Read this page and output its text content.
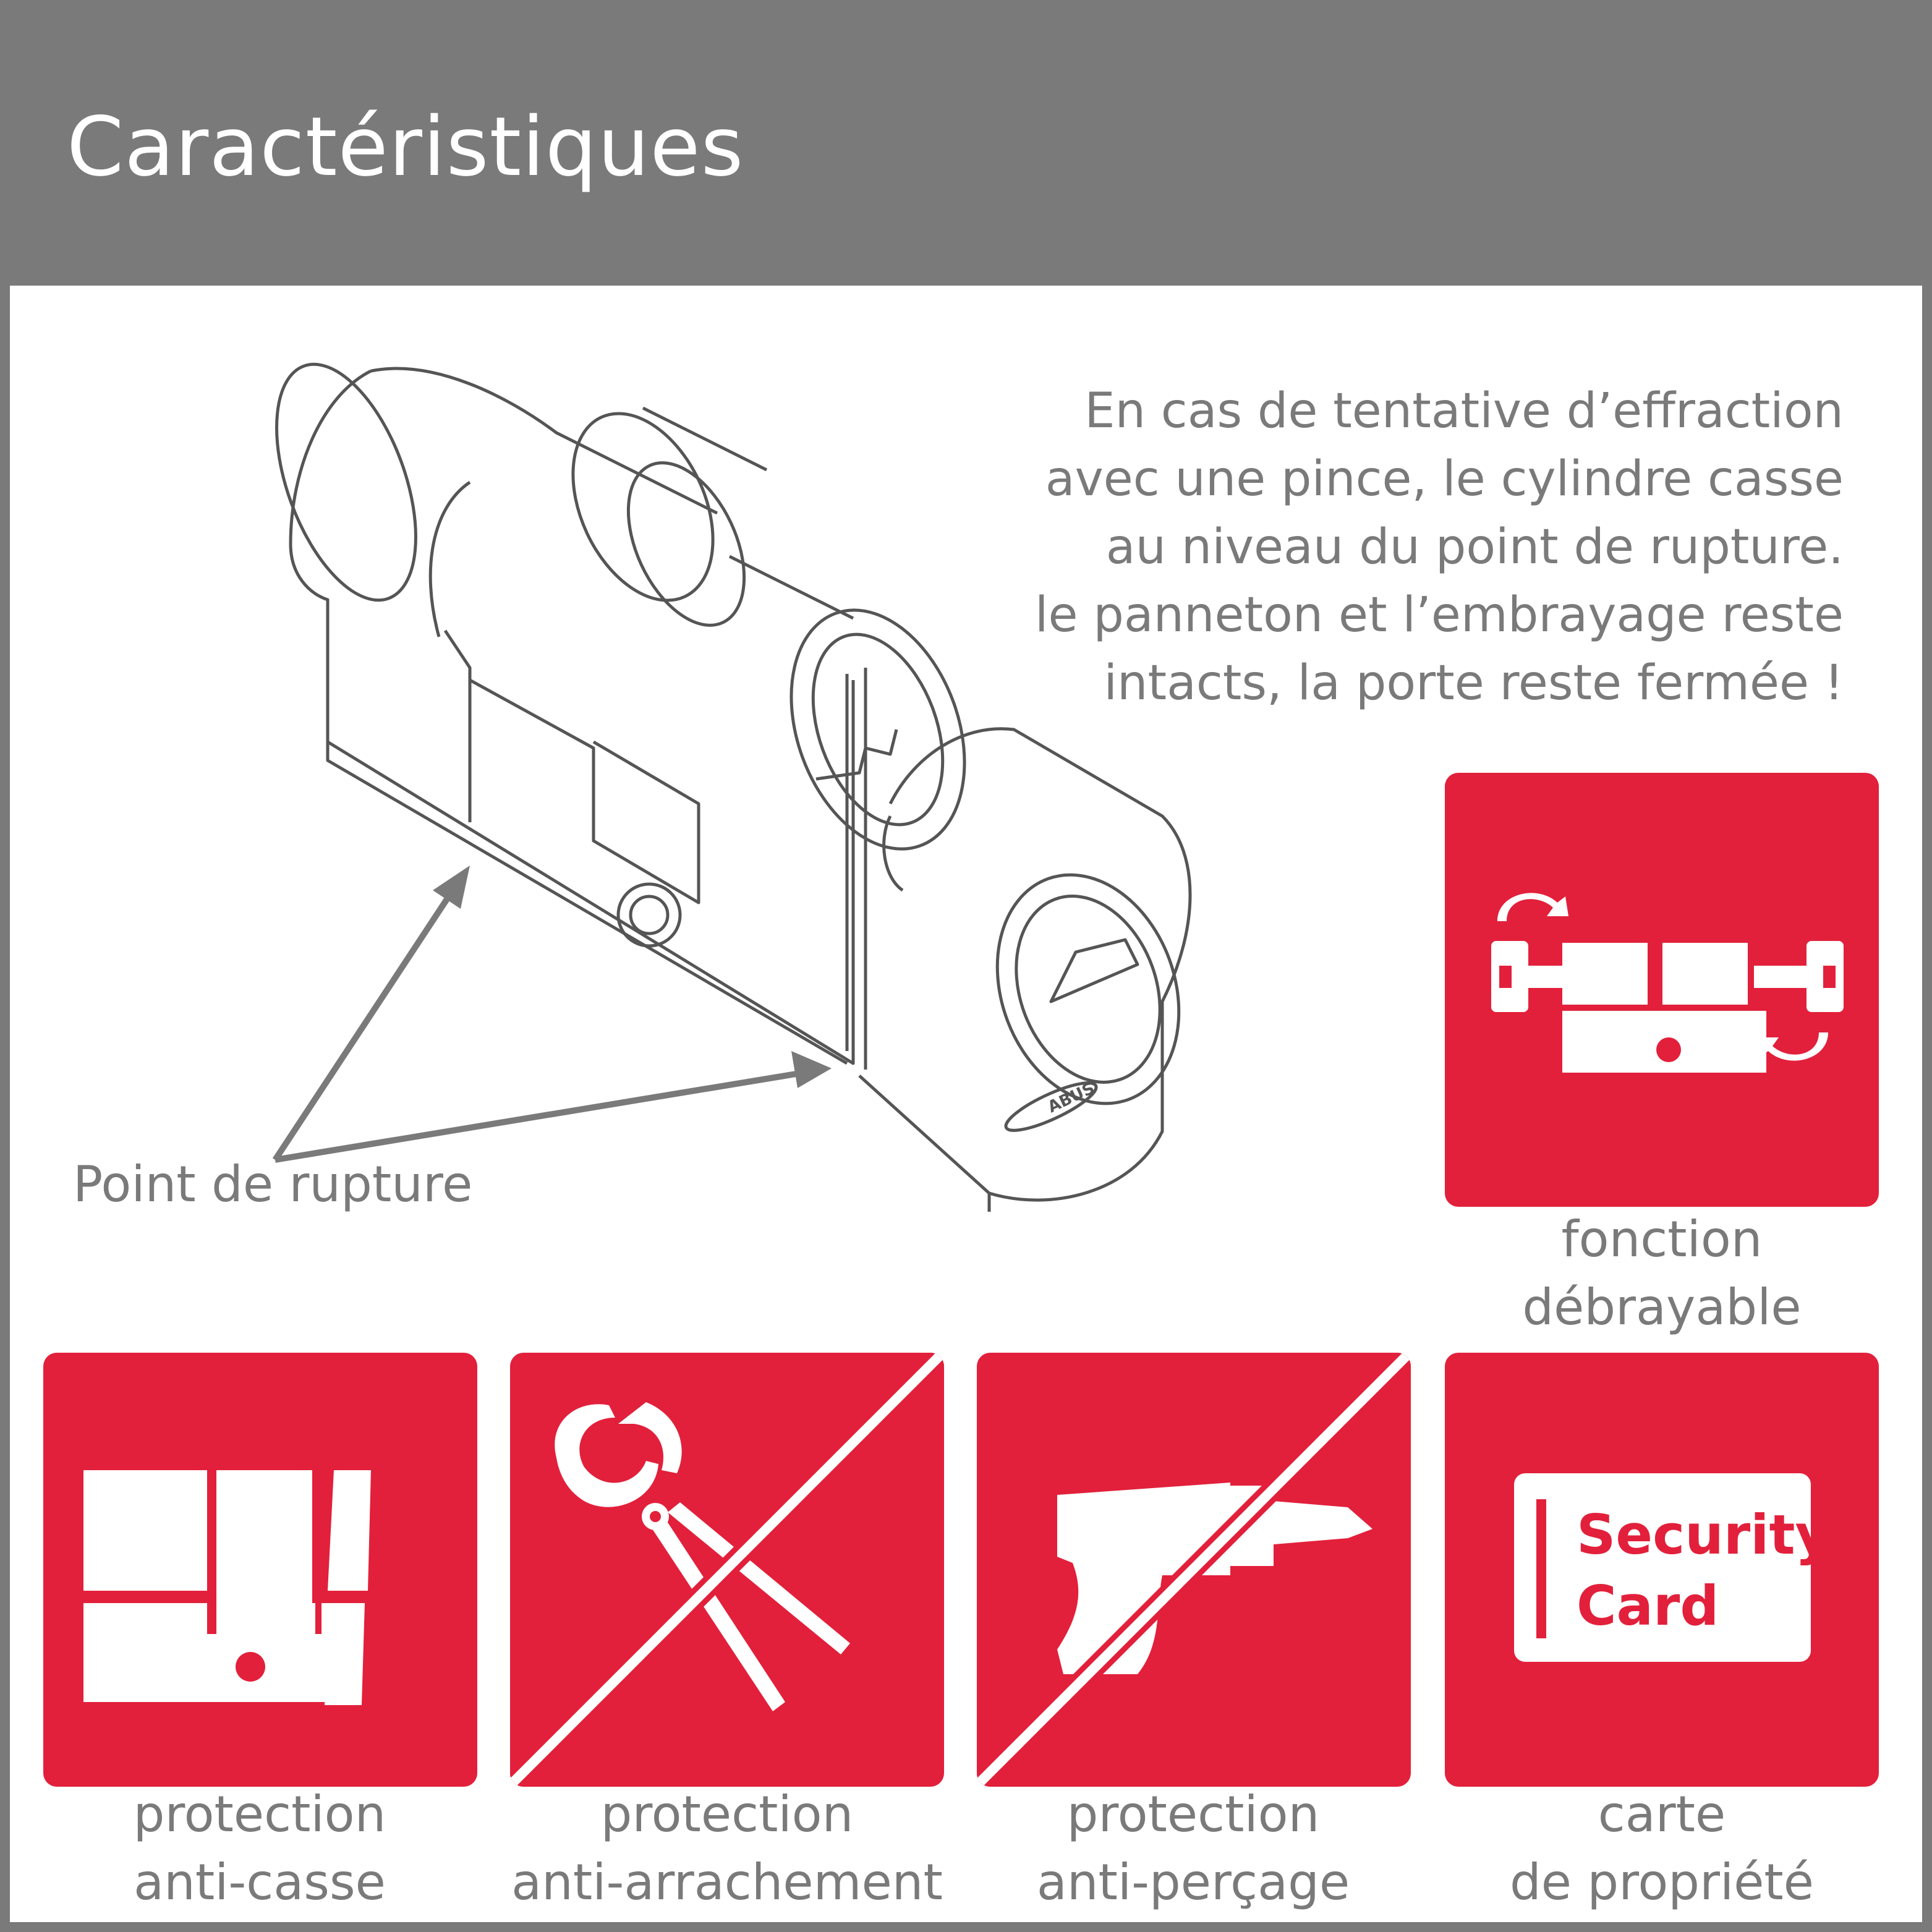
Caractéristiques
ABUS
En cas de tentative d’effraction
avec une pince, le cylindre casse
au niveau du point de rupture.
le panneton et l’embrayage reste
intacts, la porte reste fermée !
Point de rupture
fonction
débrayable
protection
anti-casse
protection
anti-arrachement
protection
anti-perçage
Security
Card
carte
de propriété
